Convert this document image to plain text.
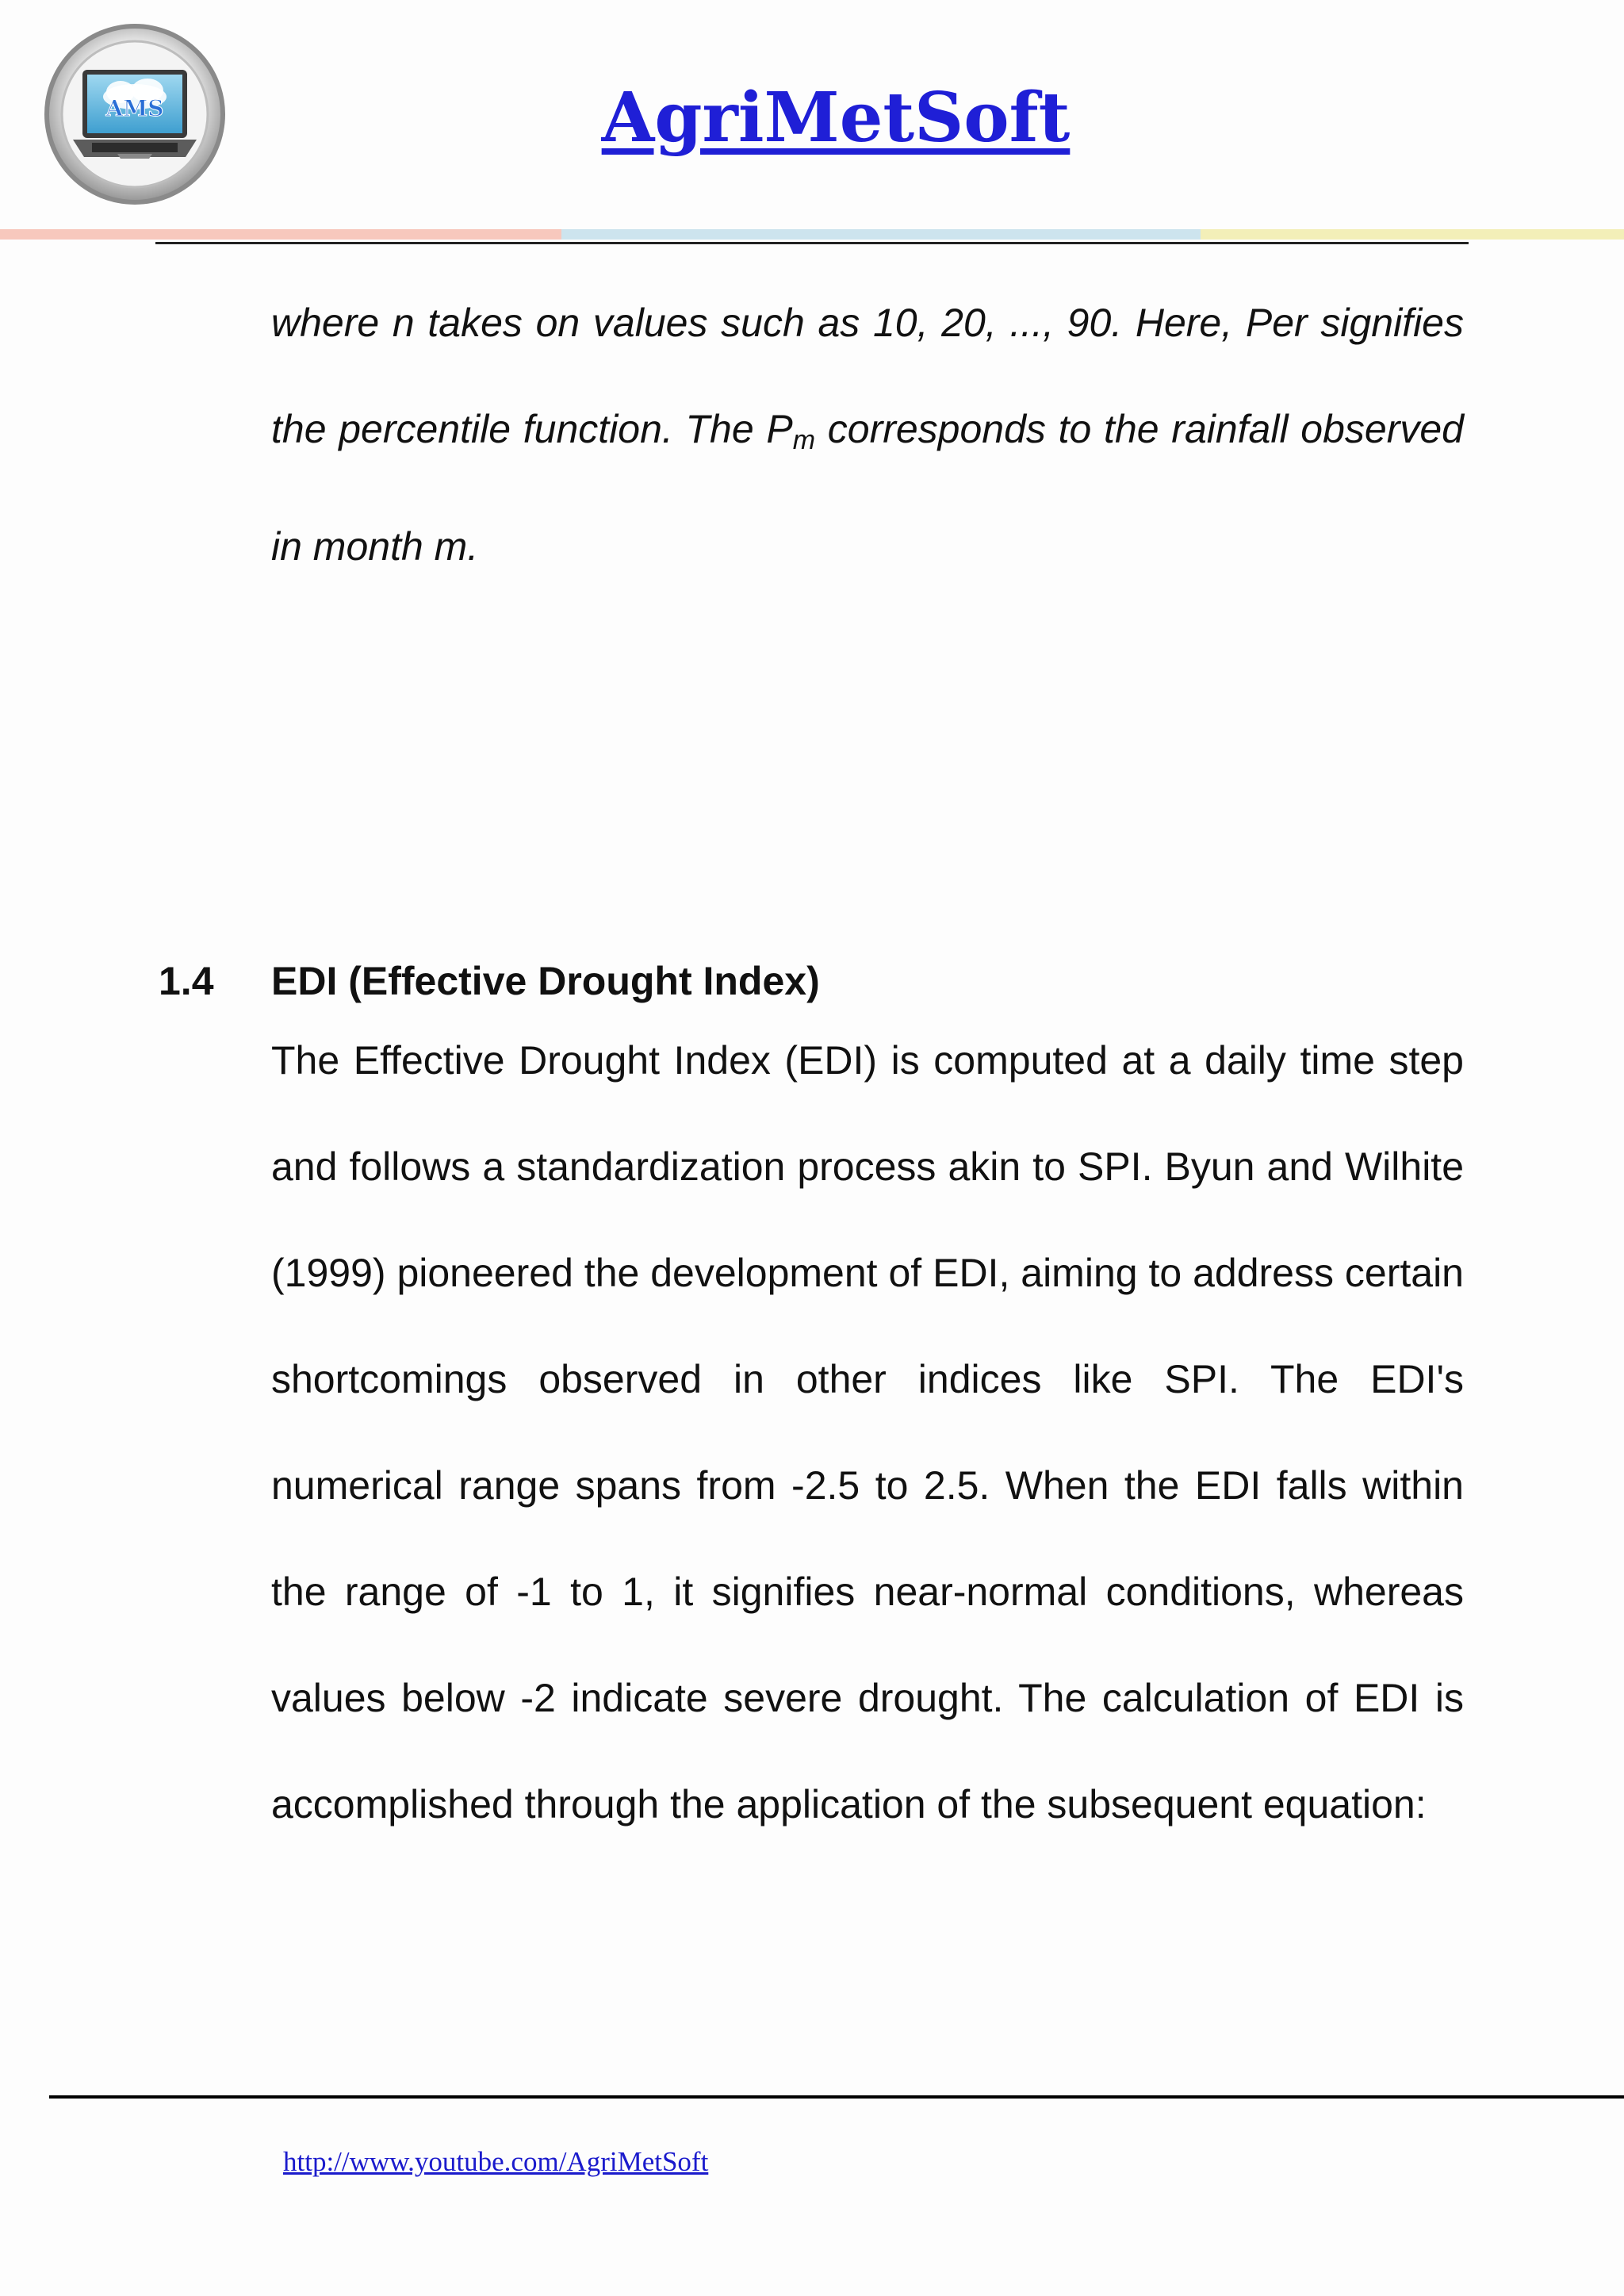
AMS	AgriMetSoft

where n takes on values such as 10, 20, ..., 90. Here, Per signifies the percentile function. The $P_m$ corresponds to the rainfall observed in month m.

1.4 EDI (Effective Drought Index)

The Effective Drought Index (EDI) is computed at a daily time step and follows a standardization process akin to SPI. Byun and Wilhite (1999) pioneered the development of EDI, aiming to address certain shortcomings observed in other indices like SPI. The EDI's numerical range spans from -2.5 to 2.5. When the EDI falls within the range of -1 to 1, it signifies near-normal conditions, whereas values below -2 indicate severe drought. The calculation of EDI is accomplished through the application of the subsequent equation:

http://www.youtube.com/AgriMetSoft
